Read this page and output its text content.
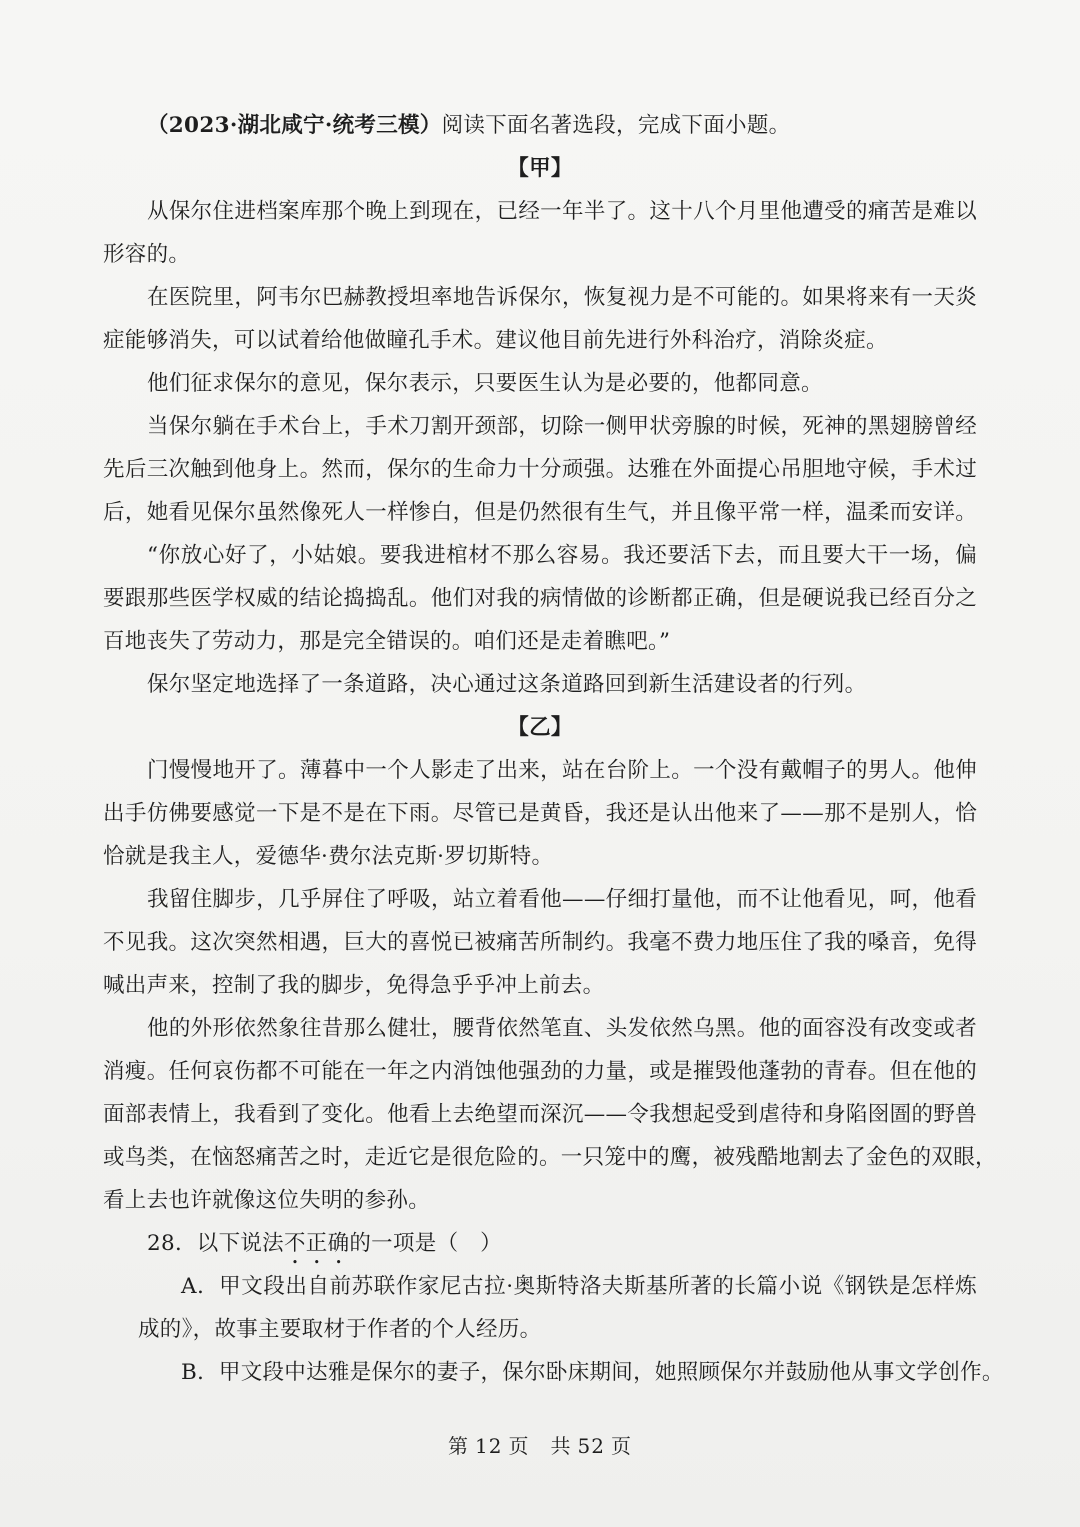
（2023·湖北咸宁·统考三模）阅读下面名著选段，完成下面小题。
【甲】
从保尔住进档案库那个晚上到现在，已经一年半了。这十八个月里他遭受的痛苦是难以
形容的。
在医院里，阿韦尔巴赫教授坦率地告诉保尔，恢复视力是不可能的。如果将来有一天炎
症能够消失，可以试着给他做瞳孔手术。建议他目前先进行外科治疗，消除炎症。
他们征求保尔的意见，保尔表示，只要医生认为是必要的，他都同意。
当保尔躺在手术台上，手术刀割开颈部，切除一侧甲状旁腺的时候，死神的黑翅膀曾经
先后三次触到他身上。然而，保尔的生命力十分顽强。达雅在外面提心吊胆地守候，手术过
后，她看见保尔虽然像死人一样惨白，但是仍然很有生气，并且像平常一样，温柔而安详。
“你放心好了，小姑娘。要我进棺材不那么容易。我还要活下去，而且要大干一场，偏
要跟那些医学权威的结论捣捣乱。他们对我的病情做的诊断都正确，但是硬说我已经百分之
百地丧失了劳动力，那是完全错误的。咱们还是走着瞧吧。”
保尔坚定地选择了一条道路，决心通过这条道路回到新生活建设者的行列。
【乙】
门慢慢地开了。薄暮中一个人影走了出来，站在台阶上。一个没有戴帽子的男人。他伸
出手仿佛要感觉一下是不是在下雨。尽管已是黄昏，我还是认出他来了——那不是别人，恰
恰就是我主人，爱德华·费尔法克斯·罗切斯特。
我留住脚步，几乎屏住了呼吸，站立着看他——仔细打量他，而不让他看见，呵，他看
不见我。这次突然相遇，巨大的喜悦已被痛苦所制约。我毫不费力地压住了我的嗓音，免得
喊出声来，控制了我的脚步，免得急乎乎冲上前去。
他的外形依然象往昔那么健壮，腰背依然笔直、头发依然乌黑。他的面容没有改变或者
消瘦。任何哀伤都不可能在一年之内消蚀他强劲的力量，或是摧毁他蓬勃的青春。但在他的
面部表情上，我看到了变化。他看上去绝望而深沉——令我想起受到虐待和身陷囹圄的野兽
或鸟类，在恼怒痛苦之时，走近它是很危险的。一只笼中的鹰，被残酷地割去了金色的双眼，
看上去也许就像这位失明的参孙。
28．以下说法不正确的一项是（　）
A．甲文段出自前苏联作家尼古拉·奥斯特洛夫斯基所著的长篇小说《钢铁是怎样炼
成的》，故事主要取材于作者的个人经历。
B．甲文段中达雅是保尔的妻子，保尔卧床期间，她照顾保尔并鼓励他从事文学创作。
第 12 页　共 52 页
